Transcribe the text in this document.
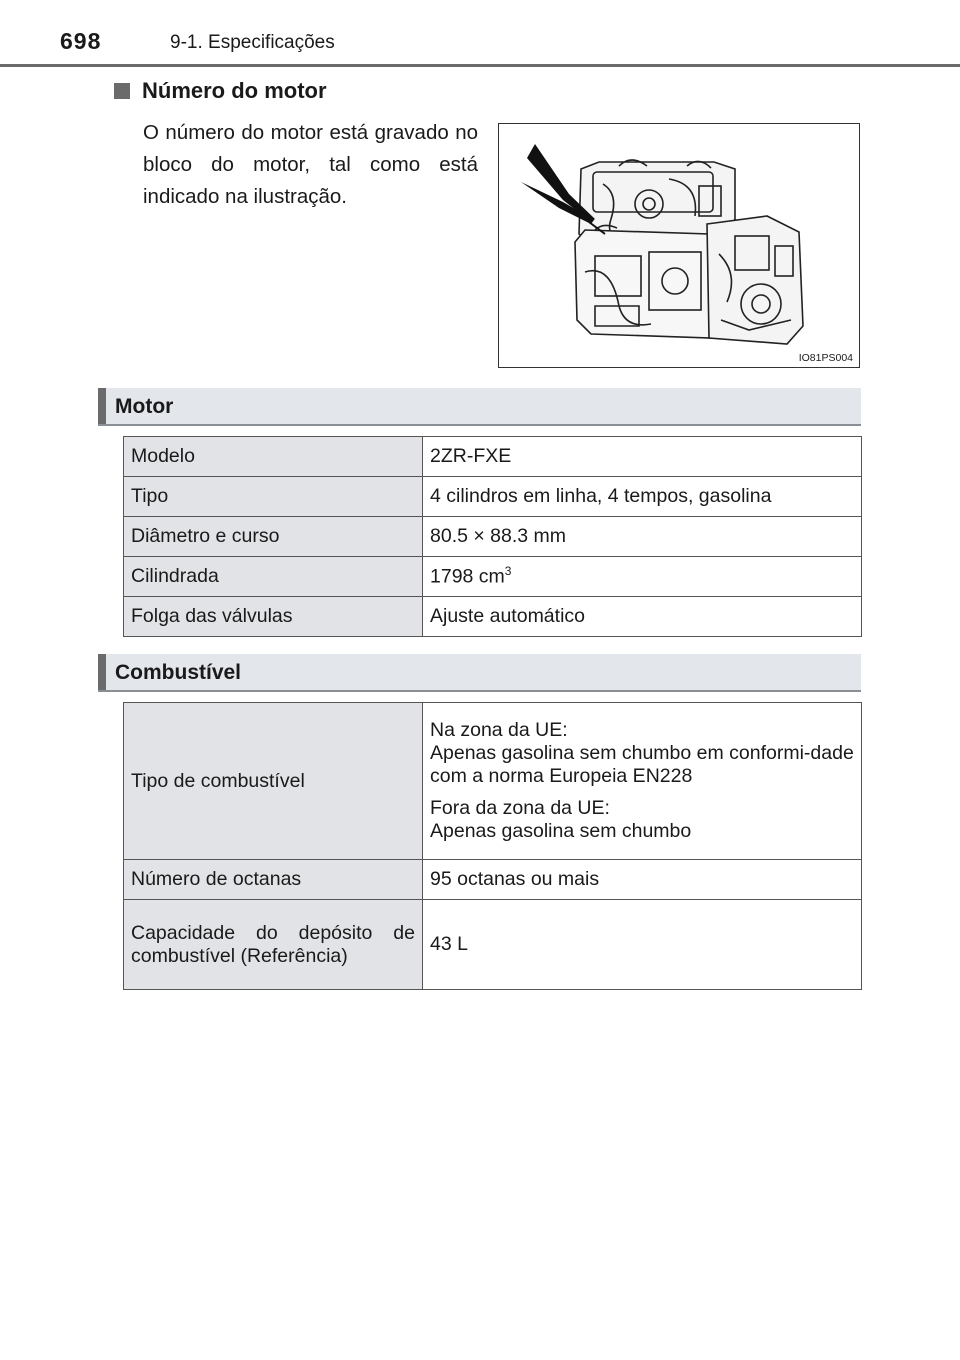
698	9-1. Especificações
Número do motor
O número do motor está gravado no bloco do motor, tal como está indicado na ilustração.
IO81PS004
Motor
Modelo	2ZR-FXE
Tipo	4 cilindros em linha, 4 tempos, gasolina
Diâmetro e curso	80.5 × 88.3 mm
Cilindrada	1798 $cm^3$
Folga das válvulas	Ajuste automático
Combustível
Tipo de combustível	Na zona da UE:
Apenas gasolina sem chumbo em conformi-dade com a norma Europeia EN228
Fora da zona da UE:
Apenas gasolina sem chumbo

Número de octanas	95 octanas ou mais
Capacidade do depósito de combustível (Referência)	43 L
